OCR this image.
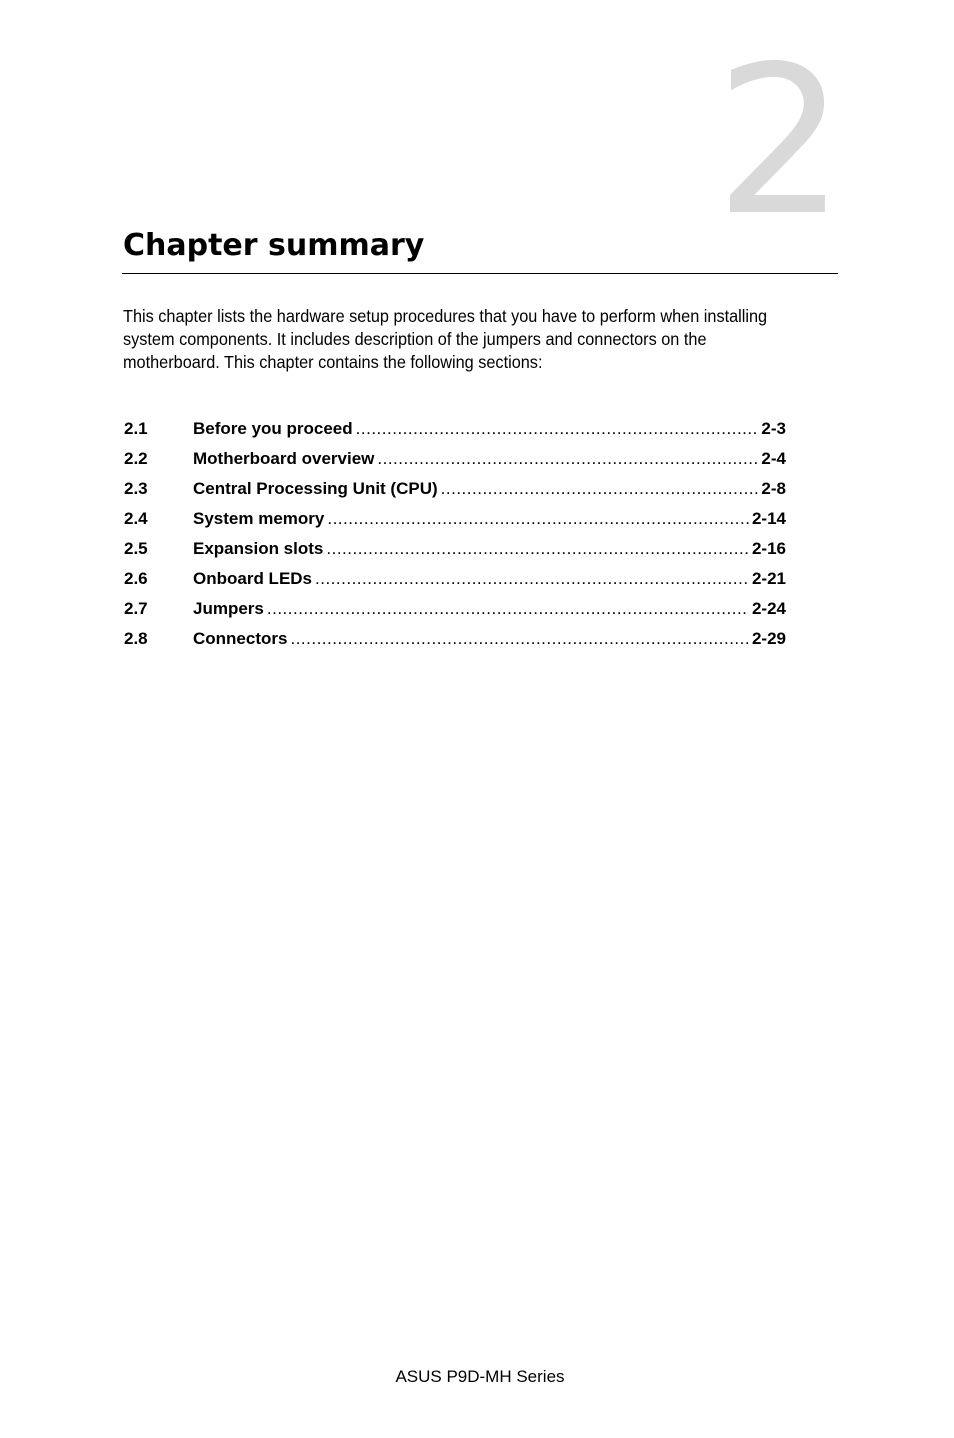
2
Chapter summary

This chapter lists the hardware setup procedures that you have to perform when installing system components. It includes description of the jumpers and connectors on the motherboard. This chapter contains the following sections:

2.1	Before you proceed .....	2-3
2.2	Motherboard overview .....	2-4
2.3	Central Processing Unit (CPU) .....	2-8
2.4	System memory .....	2-14
2.5	Expansion slots .....	2-16
2.6	Onboard LEDs .....	2-21
2.7	Jumpers .....	2-24
2.8	Connectors .....	2-29
ASUS P9D-MH Series
